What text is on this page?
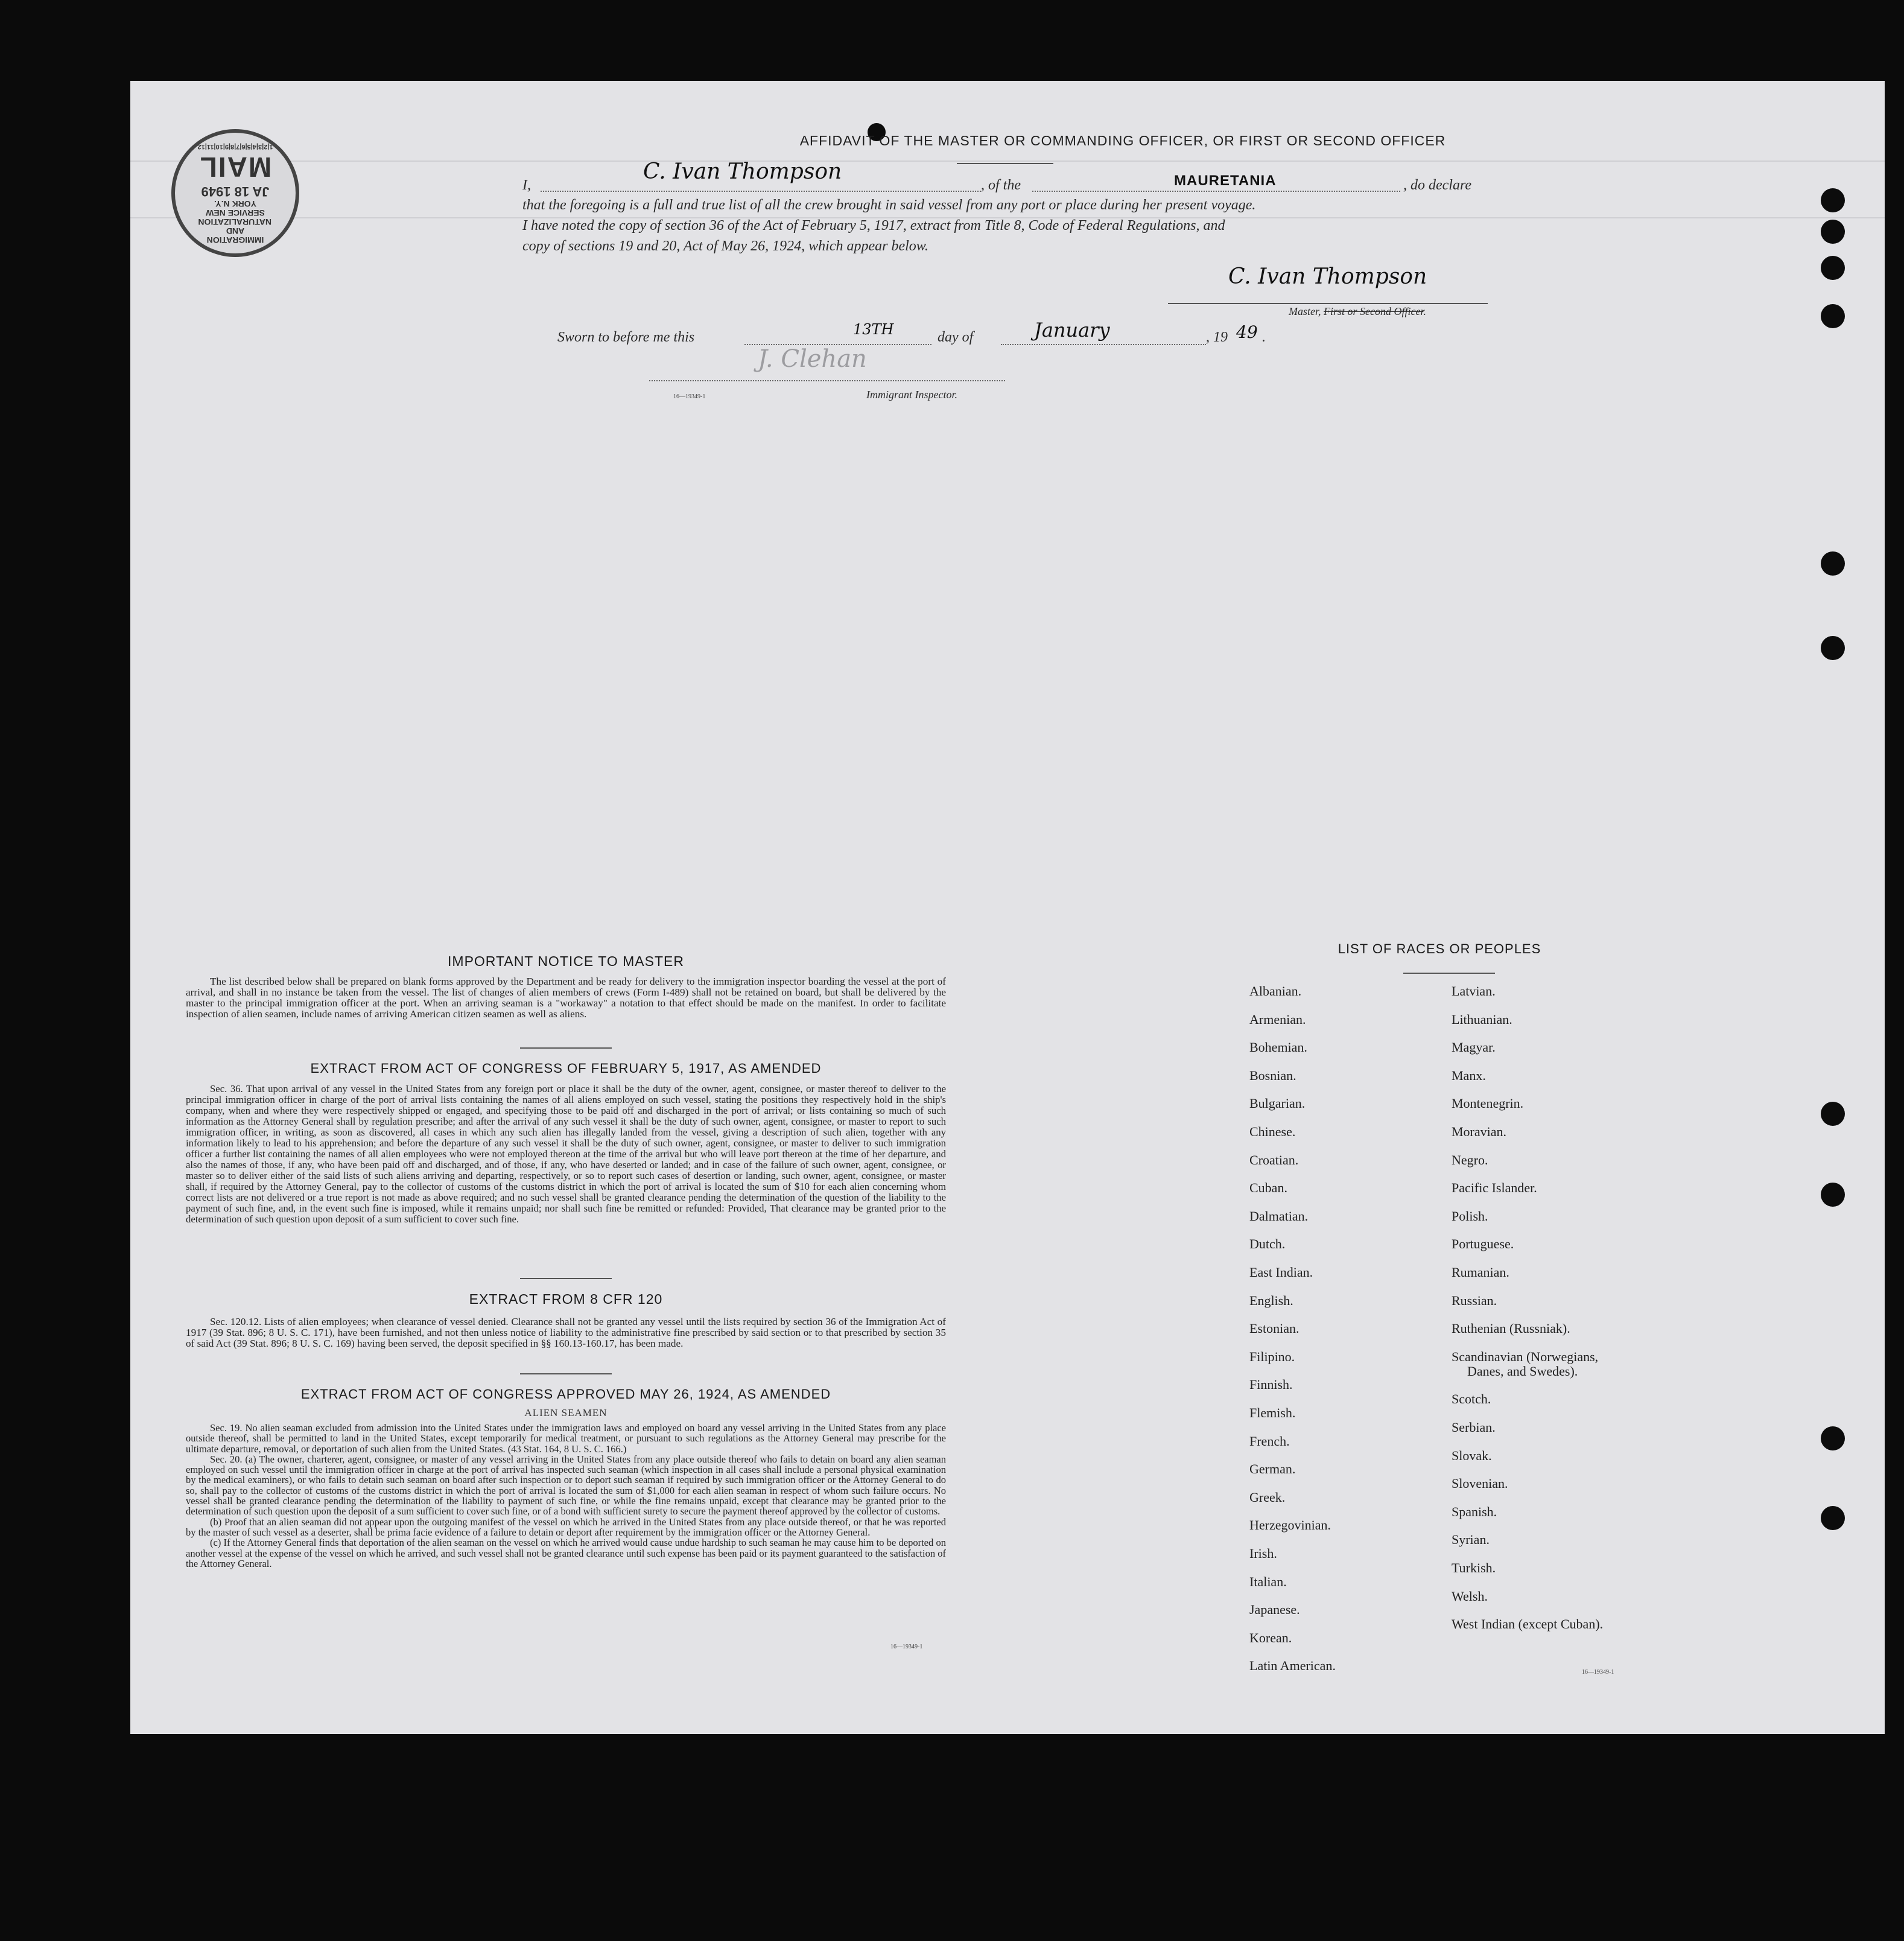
IMMIGRATION AND NATURALIZATION SERVICE NEW YORK N.Y.
JA 18 1949
MAIL
1|2|3|4|5|6|7|8|9|10|11|12	AFFIDAVIT OF THE MASTER OR COMMANDING OFFICER, OR FIRST OR SECOND OFFICER
I,
C. Ivan Thompson
, of the	MAURETANIA	, do declare
that the foregoing is a full and true list of all the crew brought in said vessel from any port or place during her present voyage.
I have noted the copy of section 36 of the Act of February 5, 1917, extract from Title 8, Code of Federal Regulations, and
copy of sections 19 and 20, Act of May 26, 1924, which appear below.
C. Ivan Thompson
Master, First or Second Officer.
Sworn to before me this	13TH	day of	January	, 19 49 .
J. Clehan
16—19349-1	Immigrant Inspector.
IMPORTANT NOTICE TO MASTER

The list described below shall be prepared on blank forms approved by the Department and be ready for delivery to the immigration inspector boarding the vessel at the port of arrival, and shall in no instance be taken from the vessel. The list of changes of alien members of crews (Form I-489) shall not be retained on board, but shall be delivered by the master to the principal immigration officer at the port. When an arriving seaman is a "workaway" a notation to that effect should be made on the manifest. In order to facilitate inspection of alien seamen, include names of arriving American citizen seamen as well as aliens.

EXTRACT FROM ACT OF CONGRESS OF FEBRUARY 5, 1917, AS AMENDED

Sec. 36. That upon arrival of any vessel in the United States from any foreign port or place it shall be the duty of the owner, agent, consignee, or master thereof to deliver to the principal immigration officer in charge of the port of arrival lists containing the names of all aliens employed on such vessel, stating the positions they respectively hold in the ship's company, when and where they were respectively shipped or engaged, and specifying those to be paid off and discharged in the port of arrival; or lists containing so much of such information as the Attorney General shall by regulation prescribe; and after the arrival of any such vessel it shall be the duty of such owner, agent, consignee, or master to report to such immigration officer, in writing, as soon as discovered, all cases in which any such alien has illegally landed from the vessel, giving a description of such alien, together with any information likely to lead to his apprehension; and before the departure of any such vessel it shall be the duty of such owner, agent, consignee, or master to deliver to such immigration officer a further list containing the names of all alien employees who were not employed thereon at the time of the arrival but who will leave port thereon at the time of her departure, and also the names of those, if any, who have been paid off and discharged, and of those, if any, who have deserted or landed; and in case of the failure of such owner, agent, consignee, or master so to deliver either of the said lists of such aliens arriving and departing, respectively, or so to report such cases of desertion or landing, such owner, agent, consignee, or master shall, if required by the Attorney General, pay to the collector of customs of the customs district in which the port of arrival is located the sum of $10 for each alien concerning whom correct lists are not delivered or a true report is not made as above required; and no such vessel shall be granted clearance pending the determination of the question of the liability to the payment of such fine, and, in the event such fine is imposed, while it remains unpaid; nor shall such fine be remitted or refunded: Provided, That clearance may be granted prior to the determination of such question upon deposit of a sum sufficient to cover such fine.

EXTRACT FROM 8 CFR 120

Sec. 120.12. Lists of alien employees; when clearance of vessel denied. Clearance shall not be granted any vessel until the lists required by section 36 of the Immigration Act of 1917 (39 Stat. 896; 8 U. S. C. 171), have been furnished, and not then unless notice of liability to the administrative fine prescribed by said section or to that prescribed by section 35 of said Act (39 Stat. 896; 8 U. S. C. 169) having been served, the deposit specified in §§ 160.13-160.17, has been made.

EXTRACT FROM ACT OF CONGRESS APPROVED MAY 26, 1924, AS AMENDED
ALIEN SEAMEN

Sec. 19. No alien seaman excluded from admission into the United States under the immigration laws and employed on board any vessel arriving in the United States from any place outside thereof, shall be permitted to land in the United States, except temporarily for medical treatment, or pursuant to such regulations as the Attorney General may prescribe for the ultimate departure, removal, or deportation of such alien from the United States. (43 Stat. 164, 8 U. S. C. 166.)

Sec. 20. (a) The owner, charterer, agent, consignee, or master of any vessel arriving in the United States from any place outside thereof who fails to detain on board any alien seaman employed on such vessel until the immigration officer in charge at the port of arrival has inspected such seaman (which inspection in all cases shall include a personal physical examination by the medical examiners), or who fails to detain such seaman on board after such inspection or to deport such seaman if required by such immigration officer or the Attorney General to do so, shall pay to the collector of customs of the customs district in which the port of arrival is located the sum of $1,000 for each alien seaman in respect of whom such failure occurs. No vessel shall be granted clearance pending the determination of the liability to payment of such fine, or while the fine remains unpaid, except that clearance may be granted prior to the determination of such question upon the deposit of a sum sufficient to cover such fine, or of a bond with sufficient surety to secure the payment thereof approved by the collector of customs.

(b) Proof that an alien seaman did not appear upon the outgoing manifest of the vessel on which he arrived in the United States from any place outside thereof, or that he was reported by the master of such vessel as a deserter, shall be prima facie evidence of a failure to detain or deport after requirement by the immigration officer or the Attorney General.

(c) If the Attorney General finds that deportation of the alien seaman on the vessel on which he arrived would cause undue hardship to such seaman he may cause him to be deported on another vessel at the expense of the vessel on which he arrived, and such vessel shall not be granted clearance until such expense has been paid or its payment guaranteed to the satisfaction of the Attorney General.

16—19349-1
LIST OF RACES OR PEOPLES
Albanian.
Armenian.
Bohemian.
Bosnian.
Bulgarian.
Chinese.
Croatian.
Cuban.
Dalmatian.
Dutch.
East Indian.
English.
Estonian.
Filipino.
Finnish.
Flemish.
French.
German.
Greek.
Herzegovinian.
Irish.
Italian.
Japanese.
Korean.
Latin American.
Latvian.
Lithuanian.
Magyar.
Manx.
Montenegrin.
Moravian.
Negro.
Pacific Islander.
Polish.
Portuguese.
Rumanian.
Russian.
Ruthenian (Russniak).
Scandinavian (Norwegians,
Danes, and Swedes).
Scotch.
Serbian.
Slovak.
Slovenian.
Spanish.
Syrian.
Turkish.
Welsh.
West Indian (except Cuban).
16—19349-1
